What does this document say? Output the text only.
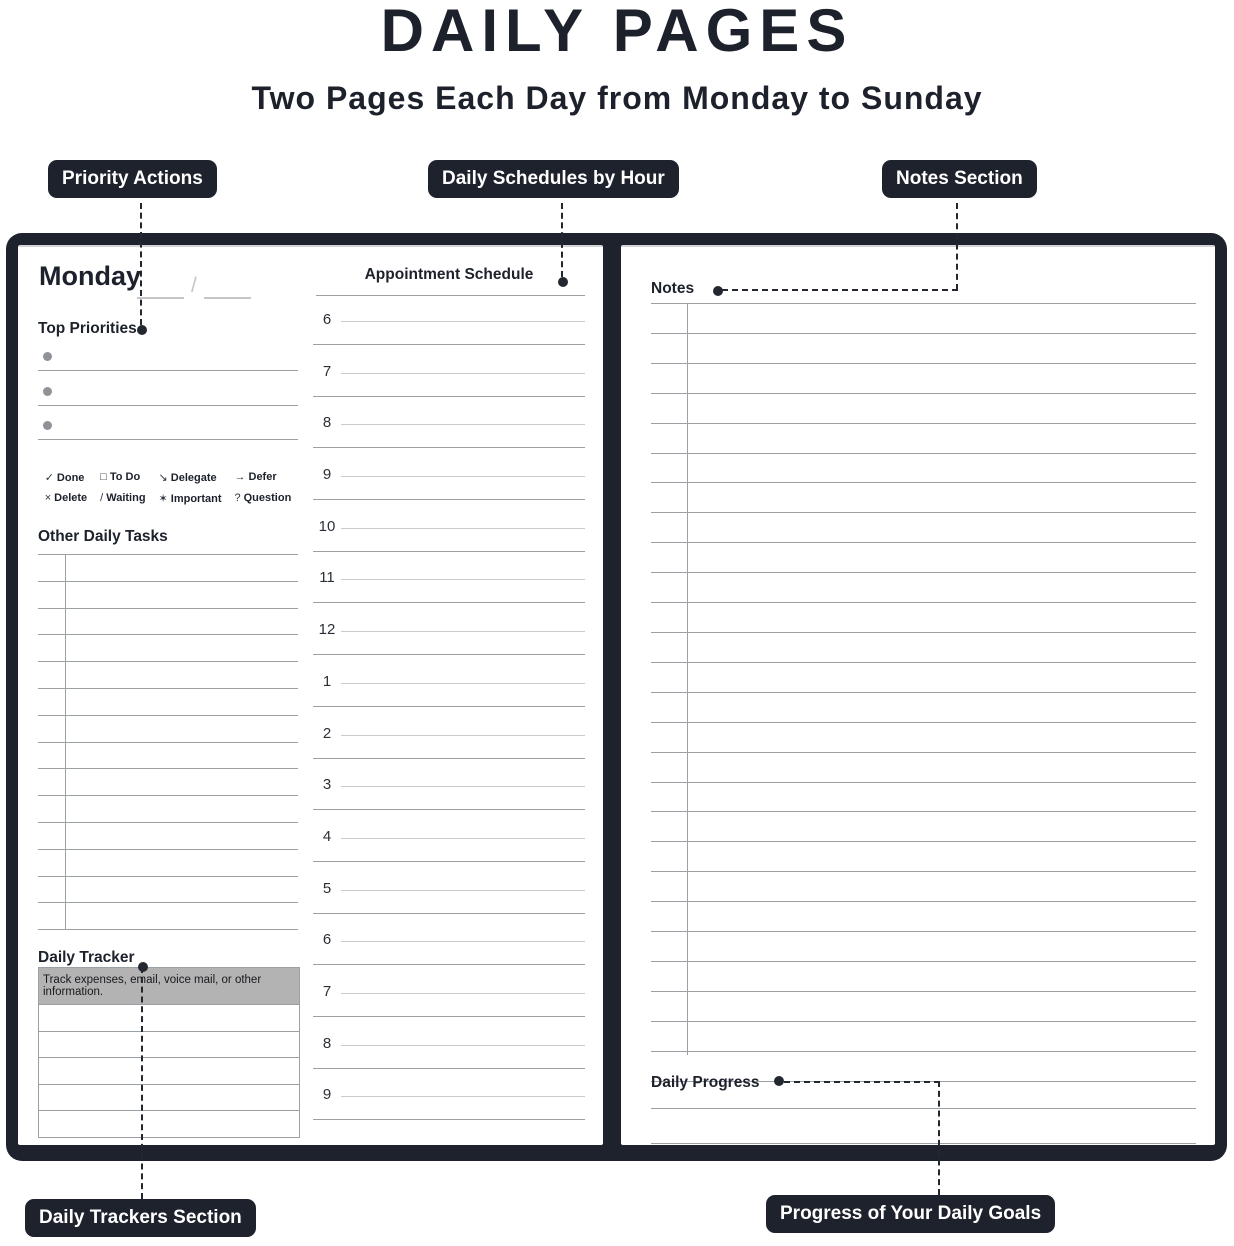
DAILY PAGES
Two Pages Each Day from Monday to Sunday
Priority Actions	Daily Schedules by Hour	Notes Section
Daily Trackers Section	Progress of Your Daily Goals
Monday /
Top Priorities
✓ Done □ To Do	↘ Delegate	→ Defer
× Delete / Waiting ✶ Important ? Question
Other Daily Tasks
Daily Tracker
Track expenses, email, voice mail, or other information.
Appointment Schedule
6
7
8
9
10
11
12
1
2
3
4
5
6
7
8
9
Notes
Daily Progress
